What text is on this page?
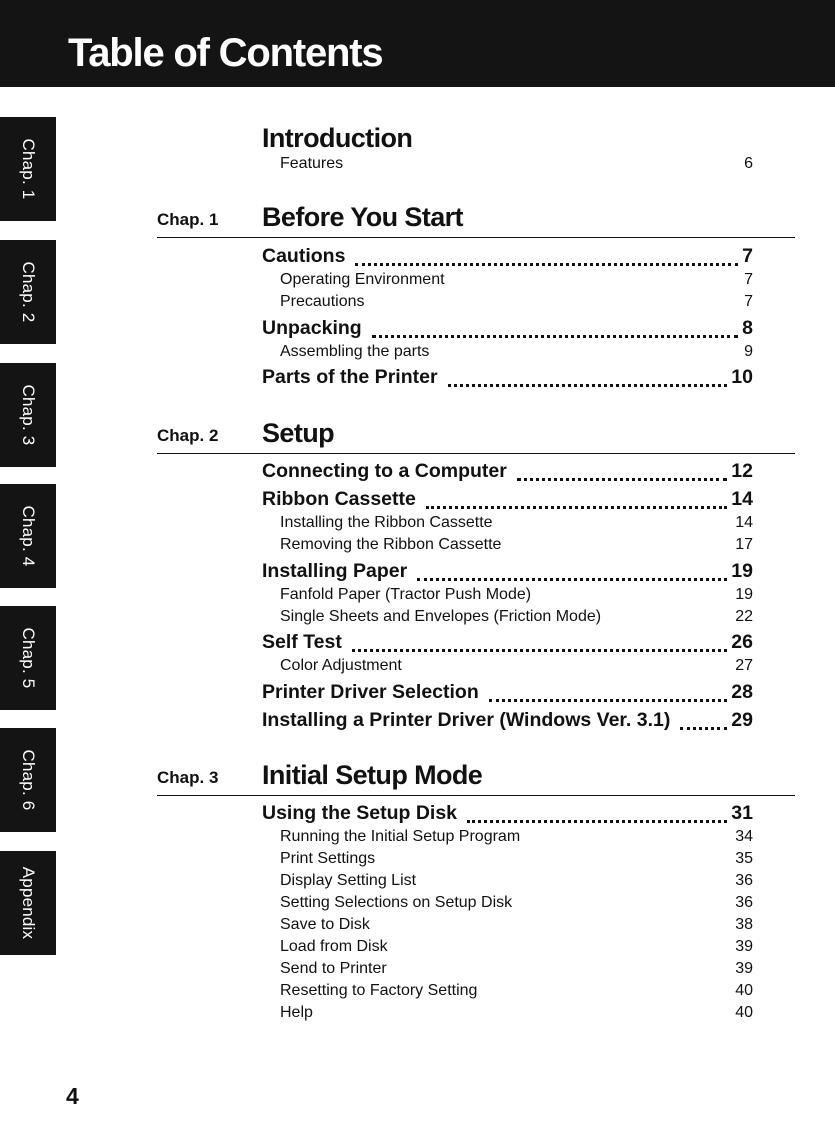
Table of Contents
Chap. 1
Chap. 2
Chap. 3
Chap. 4
Chap. 5
Chap. 6
Appendix
Introduction
Features	6
Chap. 1 Before You Start
Cautions	7
Operating Environment	7
Precautions	7
Unpacking	8
Assembling the parts	9
Parts of the Printer	10
Chap. 2 Setup
Connecting to a Computer	12
Ribbon Cassette	14
Installing the Ribbon Cassette	14
Removing the Ribbon Cassette	17
Installing Paper	19
Fanfold Paper (Tractor Push Mode)	19
Single Sheets and Envelopes (Friction Mode)	22
Self Test	26
Color Adjustment	27
Printer Driver Selection	28
Installing a Printer Driver (Windows Ver. 3.1)	29
Chap. 3 Initial Setup Mode
Using the Setup Disk	31
Running the Initial Setup Program	34
Print Settings	35
Display Setting List	36
Setting Selections on Setup Disk	36
Save to Disk	38
Load from Disk	39
Send to Printer	39
Resetting to Factory Setting	40
Help	40
4
